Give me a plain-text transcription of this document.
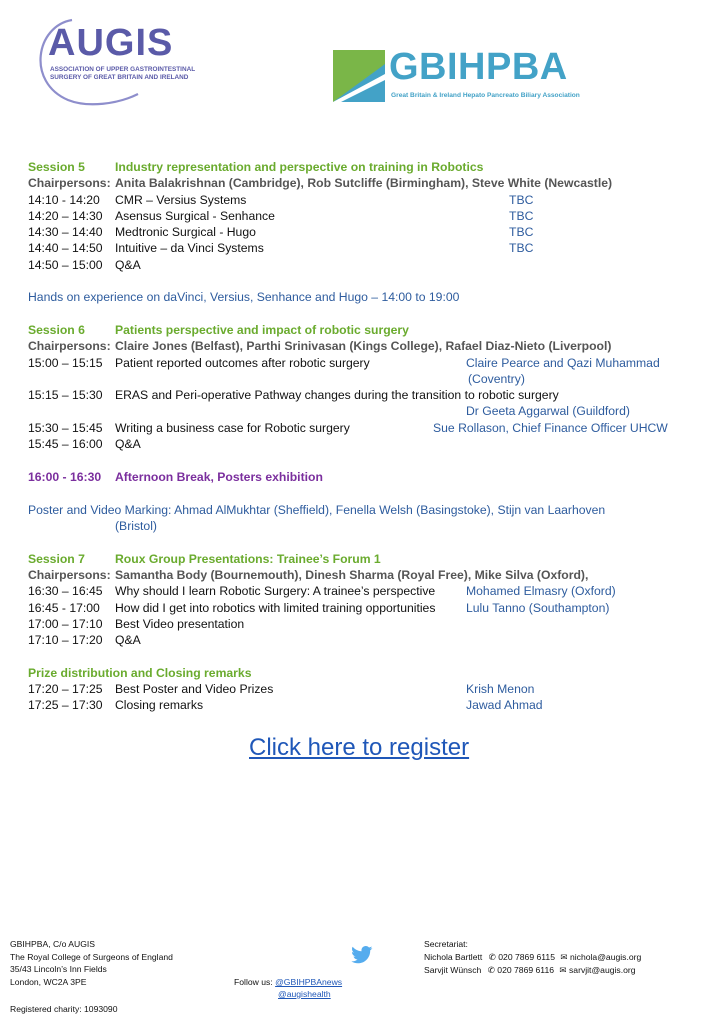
AUGIS
ASSOCIATION OF UPPER GASTROINTESTINAL
SURGERY OF GREAT BRITAIN AND IRELAND	GBIHPBA
Great Britain & Ireland Hepato Pancreato Biliary Association
Session 5 Industry representation and perspective on training in Robotics
Chairpersons: Anita Balakrishnan (Cambridge), Rob Sutcliffe (Birmingham), Steve White (Newcastle)
14:10 - 14:20 CMR – Versius Systems	TBC
14:20 – 14:30 Asensus Surgical - Senhance	TBC
14:30 – 14:40 Medtronic Surgical - Hugo	TBC
14:40 – 14:50 Intuitive – da Vinci Systems	TBC
14:50 – 15:00 Q&A
Hands on experience on daVinci, Versius, Senhance and Hugo – 14:00 to 19:00
Session 6 Patients perspective and impact of robotic surgery
Chairpersons: Claire Jones (Belfast), Parthi Srinivasan (Kings College), Rafael Diaz-Nieto (Liverpool)
15:00 – 15:15 Patient reported outcomes after robotic surgery	Claire Pearce and Qazi Muhammad
(Coventry)
15:15 – 15:30 ERAS and Peri-operative Pathway changes during the transition to robotic surgery
Dr Geeta Aggarwal (Guildford)
15:30 – 15:45 Writing a business case for Robotic surgery	Sue Rollason, Chief Finance Officer UHCW
15:45 – 16:00 Q&A
16:00 - 16:30 Afternoon Break, Posters exhibition
Poster and Video Marking: Ahmad AlMukhtar (Sheffield), Fenella Welsh (Basingstoke), Stijn van Laarhoven
(Bristol)
Session 7 Roux Group Presentations: Trainee’s Forum 1
Chairpersons: Samantha Body (Bournemouth), Dinesh Sharma (Royal Free), Mike Silva (Oxford),
16:30 – 16:45 Why should I learn Robotic Surgery: A trainee’s perspective	Mohamed Elmasry (Oxford)
16:45 - 17:00 How did I get into robotics with limited training opportunities	Lulu Tanno (Southampton)
17:00 – 17:10 Best Video presentation
17:10 – 17:20 Q&A
Prize distribution and Closing remarks
17:20 – 17:25 Best Poster and Video Prizes	Krish Menon
17:25 – 17:30 Closing remarks	Jawad Ahmad
Click here to register
GBIHPBA, C/o AUGIS
The Royal College of Surgeons of England
35/43 Lincoln’s Inn Fields
London, WC2A 3PE
Registered charity: 1093090
Follow us: @GBIHPBAnews
@augishealth
Secretariat:
Nichola Bartlett ✆ 020 7869 6115 ✉ nichola@augis.org
Sarvjit Wünsch ✆ 020 7869 6116 ✉ sarvjit@augis.org
